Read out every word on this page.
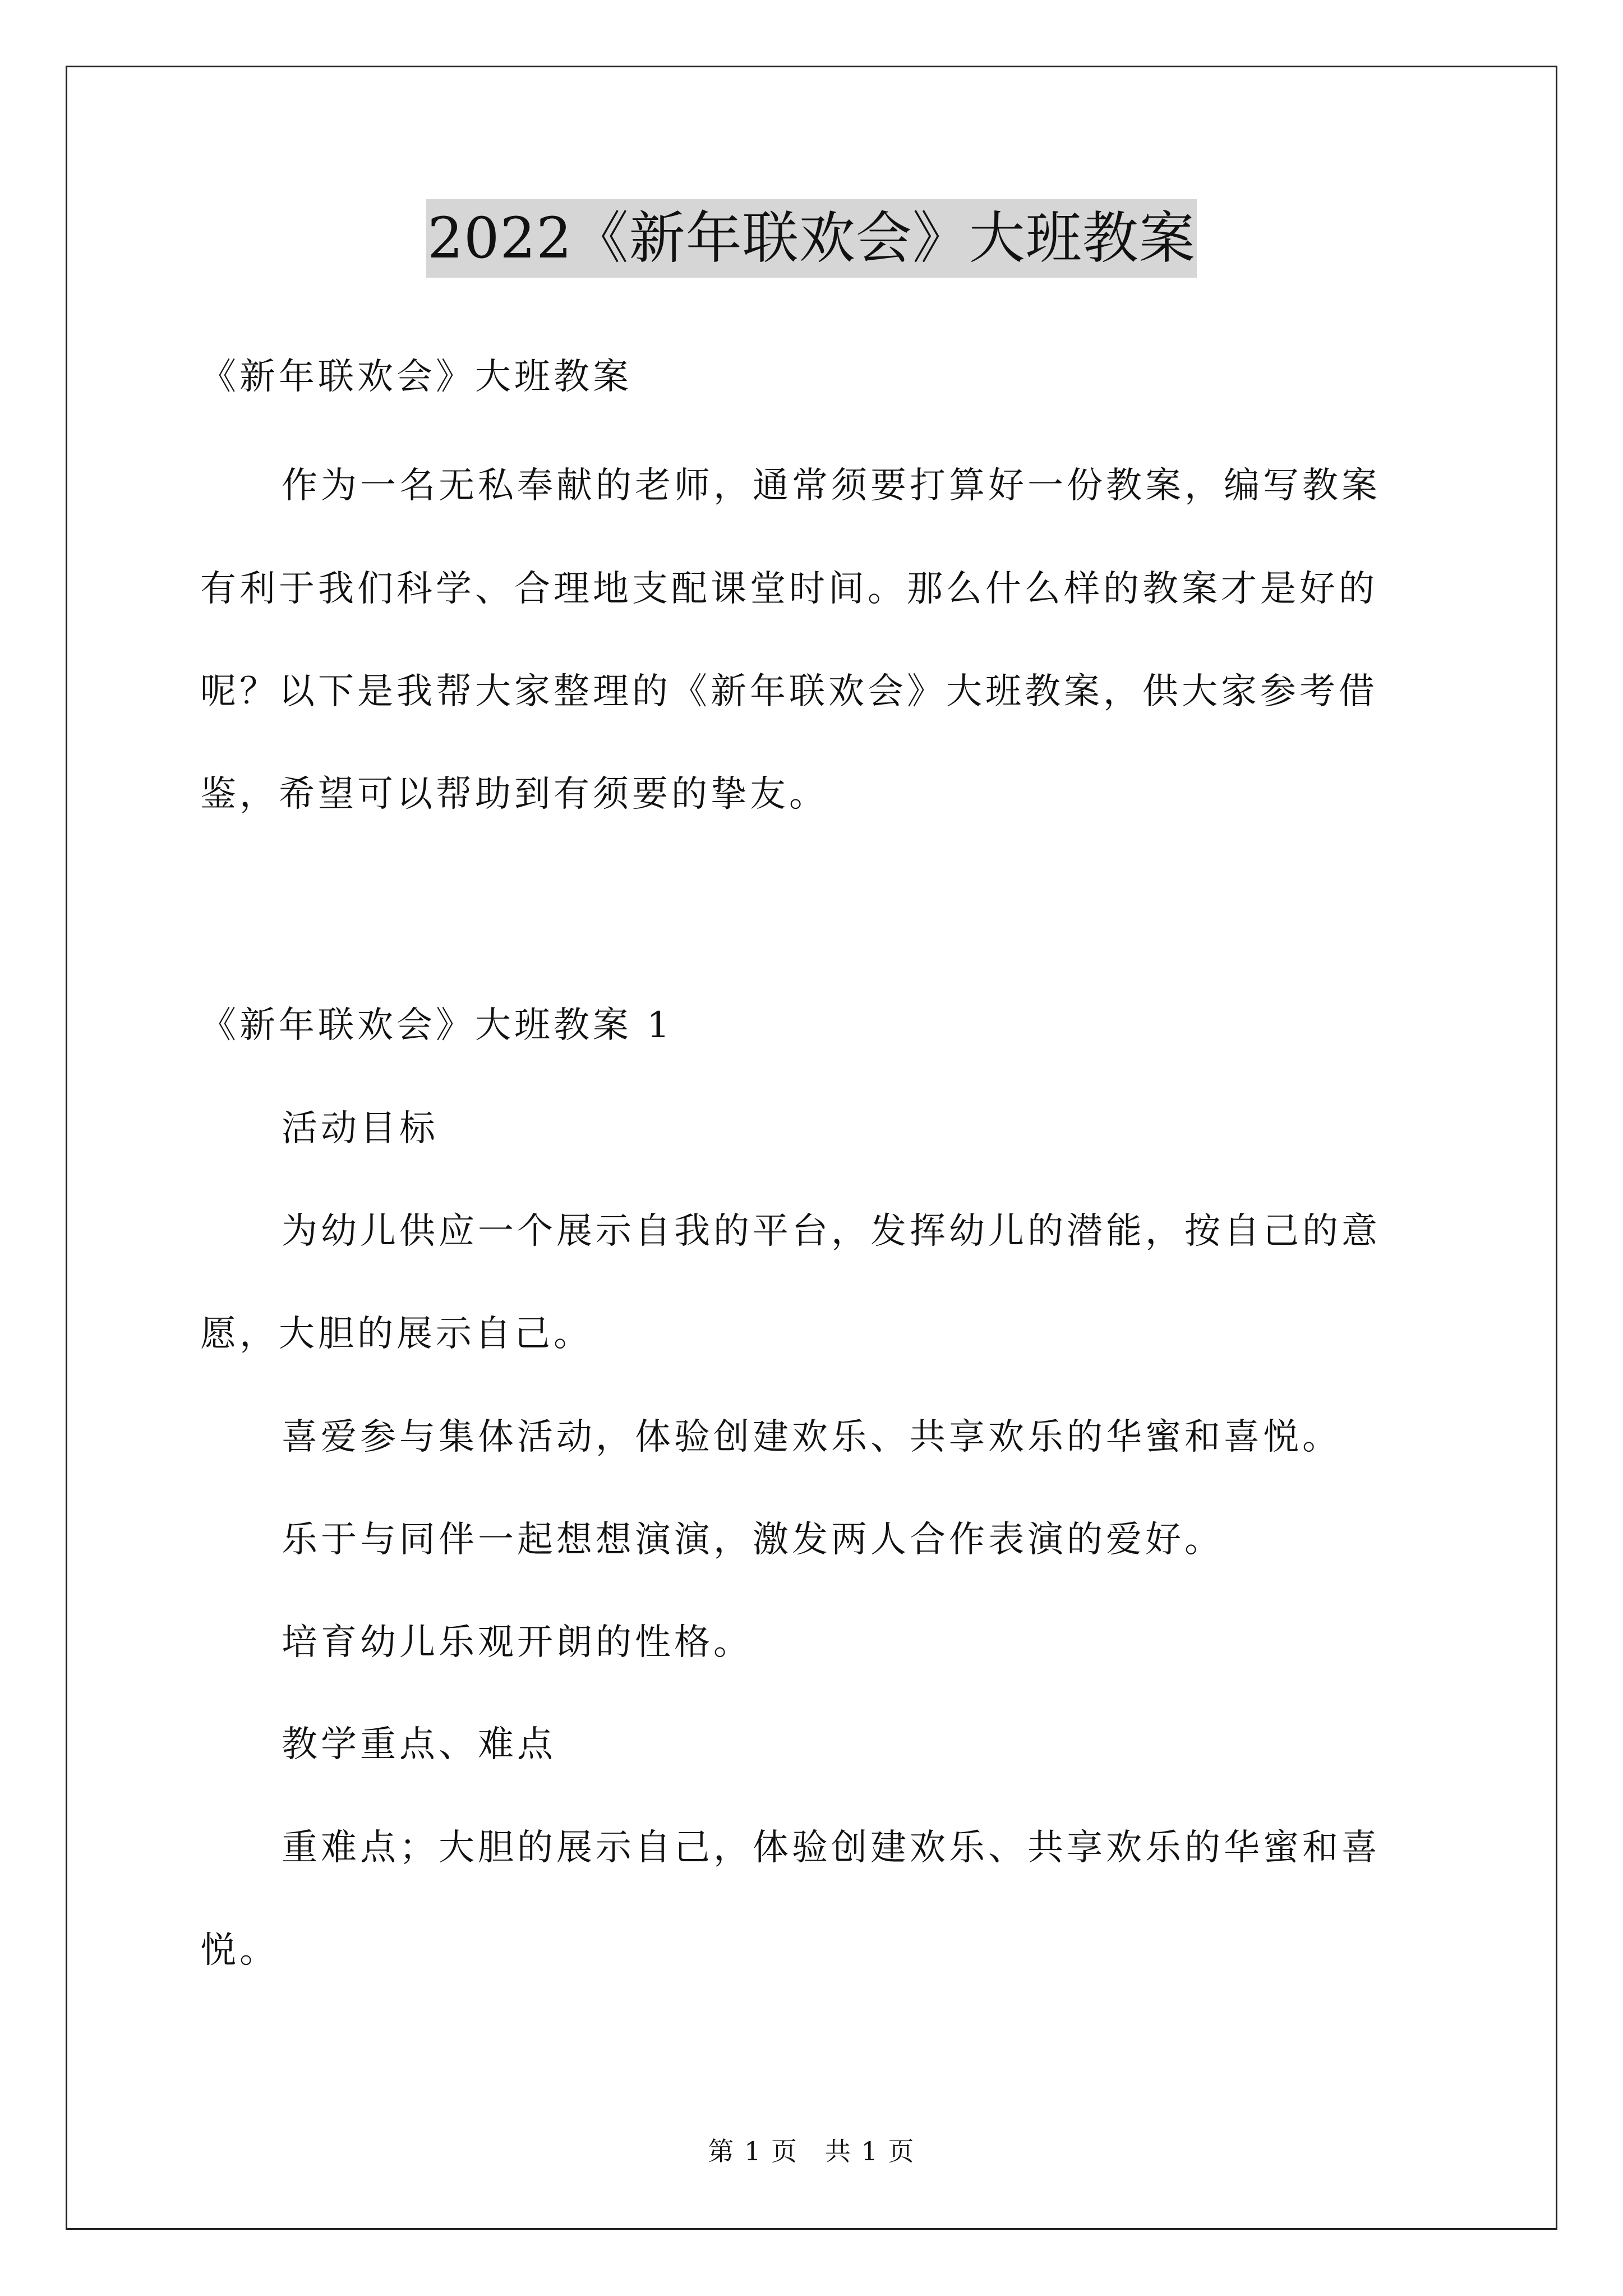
2022《新年联欢会》大班教案
《新年联欢会》大班教案
作为一名无私奉献的老师，通常须要打算好一份教案，编写教案
有利于我们科学、合理地支配课堂时间。那么什么样的教案才是好的
呢？以下是我帮大家整理的《新年联欢会》大班教案，供大家参考借
鉴，希望可以帮助到有须要的挚友。
《新年联欢会》大班教案 1
活动目标
为幼儿供应一个展示自我的平台，发挥幼儿的潜能，按自己的意
愿，大胆的展示自己。
喜爱参与集体活动，体验创建欢乐、共享欢乐的华蜜和喜悦。
乐于与同伴一起想想演演，激发两人合作表演的爱好。
培育幼儿乐观开朗的性格。
教学重点、难点
重难点；大胆的展示自己，体验创建欢乐、共享欢乐的华蜜和喜
悦。
第 1 页 共 1 页
